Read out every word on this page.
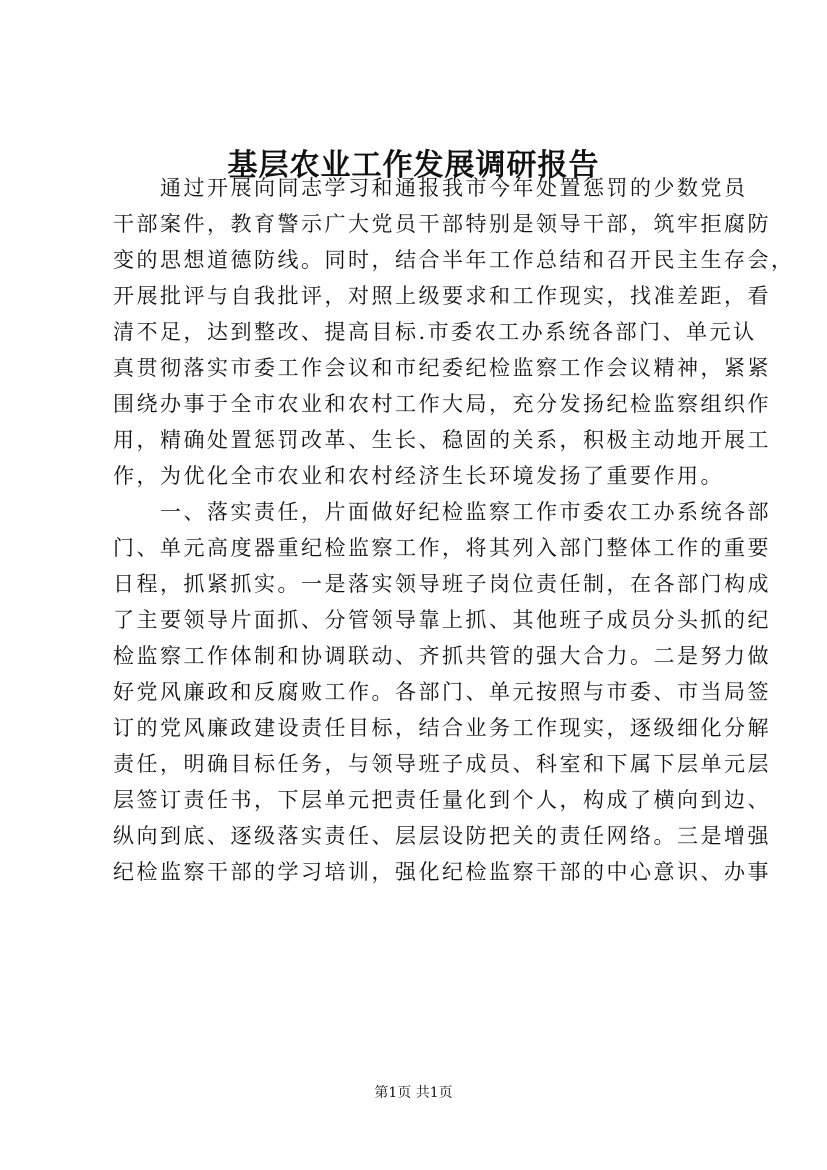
基层农业工作发展调研报告
　　通过开展向同志学习和通报我市今年处置惩罚的少数党员
干部案件，教育警示广大党员干部特别是领导干部，筑牢拒腐防
变的思想道德防线。同时，结合半年工作总结和召开民主生存会，
开展批评与自我批评，对照上级要求和工作现实，找准差距，看
清不足，达到整改、提高目标.市委农工办系统各部门、单元认
真贯彻落实市委工作会议和市纪委纪检监察工作会议精神，紧紧
围绕办事于全市农业和农村工作大局，充分发扬纪检监察组织作
用，精确处置惩罚改革、生长、稳固的关系，积极主动地开展工
作，为优化全市农业和农村经济生长环境发扬了重要作用。
　　一、落实责任，片面做好纪检监察工作市委农工办系统各部
门、单元高度器重纪检监察工作，将其列入部门整体工作的重要
日程，抓紧抓实。一是落实领导班子岗位责任制，在各部门构成
了主要领导片面抓、分管领导靠上抓、其他班子成员分头抓的纪
检监察工作体制和协调联动、齐抓共管的强大合力。二是努力做
好党风廉政和反腐败工作。各部门、单元按照与市委、市当局签
订的党风廉政建设责任目标，结合业务工作现实，逐级细化分解
责任，明确目标任务，与领导班子成员、科室和下属下层单元层
层签订责任书，下层单元把责任量化到个人，构成了横向到边、
纵向到底、逐级落实责任、层层设防把关的责任网络。三是增强
纪检监察干部的学习培训，强化纪检监察干部的中心意识、办事
第1页 共1页
